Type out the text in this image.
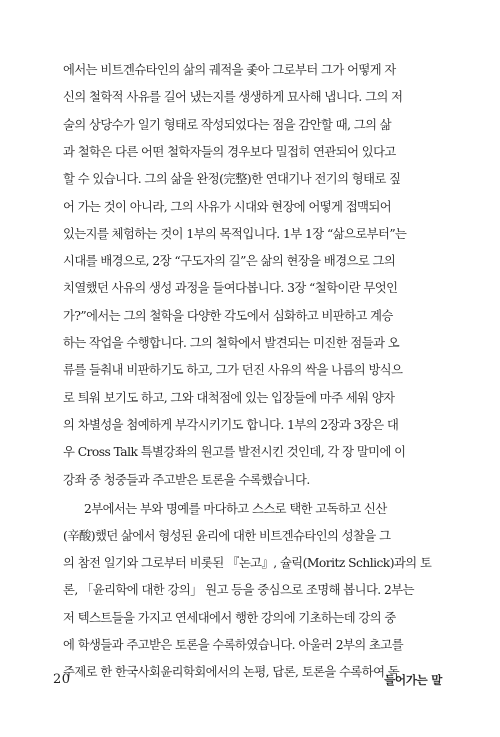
에서는 비트겐슈타인의 삶의 궤적을 좇아 그로부터 그가 어떻게 자
신의 철학적 사유를 길어 냈는지를 생생하게 묘사해 냅니다. 그의 저
술의 상당수가 일기 형태로 작성되었다는 점을 감안할 때, 그의 삶
과 철학은 다른 어떤 철학자들의 경우보다 밀접히 연관되어 있다고
할 수 있습니다. 그의 삶을 완정(完整)한 연대기나 전기의 형태로 짚
어 가는 것이 아니라, 그의 사유가 시대와 현장에 어떻게 접맥되어
있는지를 체험하는 것이 1부의 목적입니다. 1부 1장 “삶으로부터”는
시대를 배경으로, 2장 “구도자의 길”은 삶의 현장을 배경으로 그의
치열했던 사유의 생성 과정을 들여다봅니다. 3장 “철학이란 무엇인
가?”에서는 그의 철학을 다양한 각도에서 심화하고 비판하고 계승
하는 작업을 수행합니다. 그의 철학에서 발견되는 미진한 점들과 오
류를 들춰내 비판하기도 하고, 그가 던진 사유의 싹을 나름의 방식으
로 틔워 보기도 하고, 그와 대척점에 있는 입장들에 마주 세워 양자
의 차별성을 첨예하게 부각시키기도 합니다. 1부의 2장과 3장은 대
우 Cross Talk 특별강좌의 원고를 발전시킨 것인데, 각 장 말미에 이
강좌 중 청중들과 주고받은 토론을 수록했습니다.
2부에서는 부와 명예를 마다하고 스스로 택한 고독하고 신산
(辛酸)했던 삶에서 형성된 윤리에 대한 비트겐슈타인의 성찰을 그
의 참전 일기와 그로부터 비롯된 『논고』, 슐릭(Moritz Schlick)과의 토
론, 「윤리학에 대한 강의」 원고 등을 중심으로 조명해 봅니다. 2부는
저 텍스트들을 가지고 연세대에서 행한 강의에 기초하는데 강의 중
에 학생들과 주고받은 토론을 수록하였습니다. 아울러 2부의 초고를
주제로 한 한국사회윤리학회에서의 논평, 답론, 토론을 수록하여 독
20	들어가는 말
